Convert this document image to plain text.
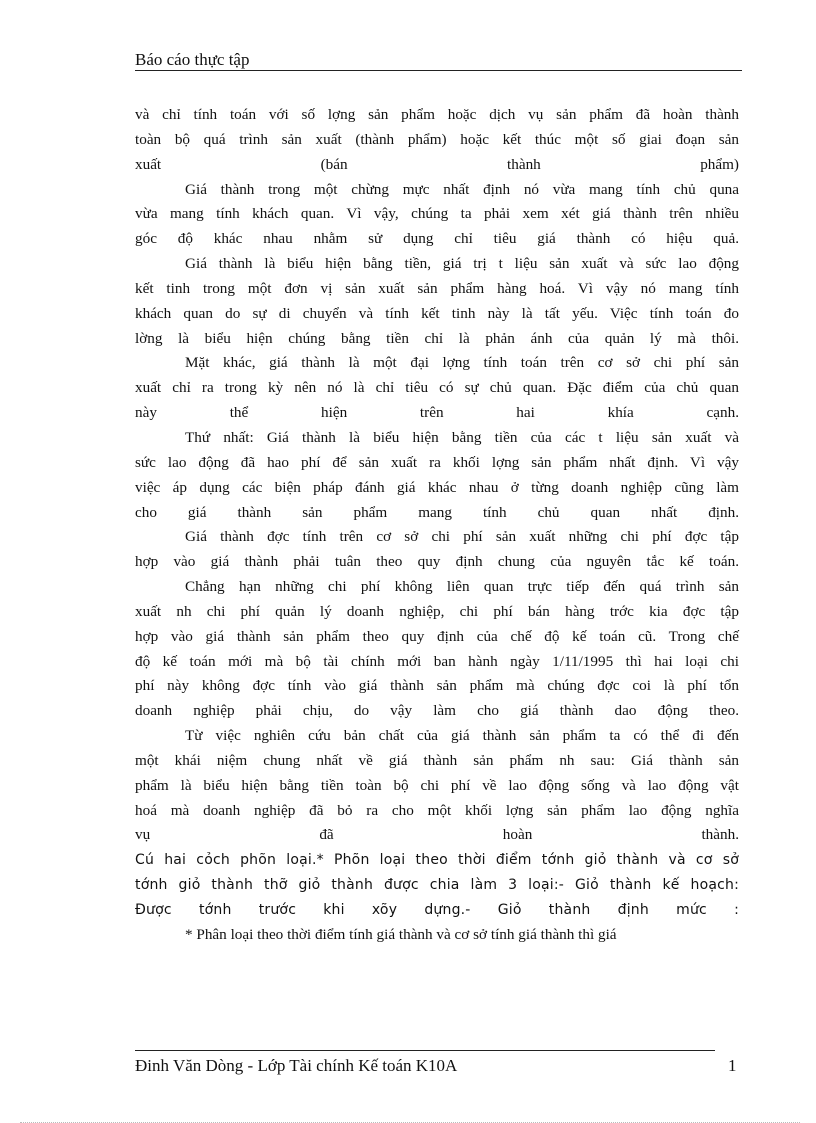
Báo cáo thực tập
và chỉ tính toán với số lợng sản phẩm hoặc dịch vụ sản phẩm đã hoàn thành
toàn bộ quá trình sản xuất (thành phẩm) hoặc kết thúc một số giai đoạn sản
xuất (bán thành phẩm)
Giá thành trong một chừng mực nhất định nó vừa mang tính chủ quna
vừa mang tính khách quan. Vì vậy, chúng ta phải xem xét giá thành trên nhiều
góc độ khác nhau nhằm sử dụng chỉ tiêu giá thành có hiệu quả.
Giá thành là biểu hiện bằng tiền, giá trị t liệu sản xuất và sức lao động
kết tinh trong một đơn vị sản xuất sản phẩm hàng hoá. Vì vậy nó mang tính
khách quan do sự di chuyển và tính kết tinh này là tất yếu. Việc tính toán đo
lờng là biểu hiện chúng bằng tiền chỉ là phản ánh của quản lý mà thôi.
Mặt khác, giá thành là một đại lợng tính toán trên cơ sở chi phí sản
xuất chỉ ra trong kỳ nên nó là chỉ tiêu có sự chủ quan. Đặc điểm của chủ quan
này thể hiện trên hai khía cạnh.
Thứ nhất: Giá thành là biểu hiện bằng tiền của các t liệu sản xuất và
sức lao động đã hao phí để sản xuất ra khối lợng sản phẩm nhất định. Vì vậy
việc áp dụng các biện pháp đánh giá khác nhau ở từng doanh nghiệp cũng làm
cho giá thành sản phẩm mang tính chủ quan nhất định.
Giá thành đợc tính trên cơ sở chi phí sản xuất những chi phí đợc tập
hợp vào giá thành phải tuân theo quy định chung của nguyên tắc kế toán.
Chẳng hạn những chi phí không liên quan trực tiếp đến quá trình sản
xuất nh chi phí quản lý doanh nghiệp, chi phí bán hàng trớc kia đợc tập
hợp vào giá thành sản phẩm theo quy định của chế độ kế toán cũ. Trong chế
độ kế toán mới mà bộ tài chính mới ban hành ngày 1/11/1995 thì hai loại chi
phí này không đợc tính vào giá thành sản phẩm mà chúng đợc coi là phí tổn
doanh nghiệp phải chịu, do vậy làm cho giá thành dao động theo.
Từ việc nghiên cứu bản chất của giá thành sản phẩm ta có thể đi đến
một khái niệm chung nhất về giá thành sản phẩm nh sau: Giá thành sản
phẩm là biểu hiện bằng tiền toàn bộ chi phí về lao động sống và lao động vật
hoá mà doanh nghiệp đã bỏ ra cho một khối lợng sản phẩm lao động nghĩa
vụ đã hoàn thành.
Cú hai cỏch phõn loại.* Phõn loại theo thời điểm tớnh giỏ thành và cơ sở
tớnh giỏ thành thỡ giỏ thành được chia làm 3 loại:- Giỏ thành kế hoạch:
Được tớnh trước khi xõy dựng.- Giỏ thành định mức :
* Phân loại theo thời điểm tính giá thành và cơ sở tính giá thành thì giá
Đinh Văn Dòng - Lớp Tài chính Kế toán K10A	1
